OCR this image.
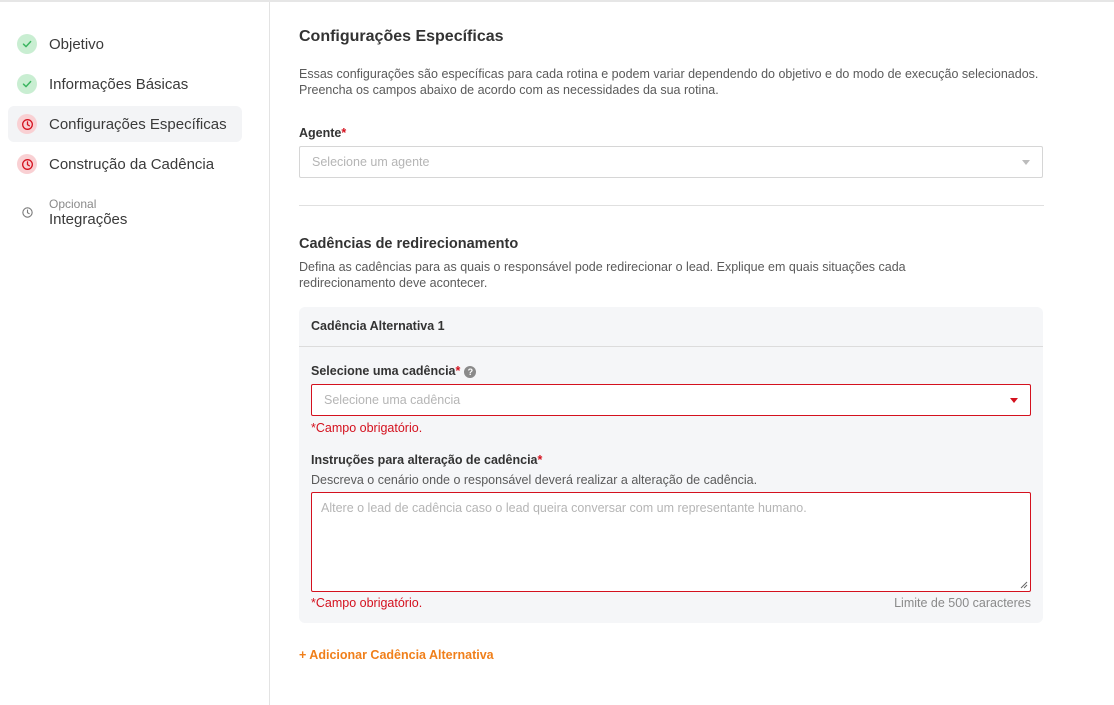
Objetivo
Informações Básicas
Configurações Específicas
Construção da Cadência
Opcional
Integrações
Configurações Específicas

Essas configurações são específicas para cada rotina e podem variar dependendo do objetivo e do modo de execução selecionados. Preencha os campos abaixo de acordo com as necessidades da sua rotina.

Agente*
Selecione um agente
Cadências de redirecionamento

Defina as cadências para as quais o responsável pode redirecionar o lead. Explique em quais situações cada redirecionamento deve acontecer.

Cadência Alternativa 1
Selecione uma cadência* ?
Selecione uma cadência
*Campo obrigatório.
Instruções para alteração de cadência*
Descreva o cenário onde o responsável deverá realizar a alteração de cadência.
Altere o lead de cadência caso o lead queira conversar com um representante humano.
*Campo obrigatório.	Limite de 500 caracteres
+ Adicionar Cadência Alternativa
